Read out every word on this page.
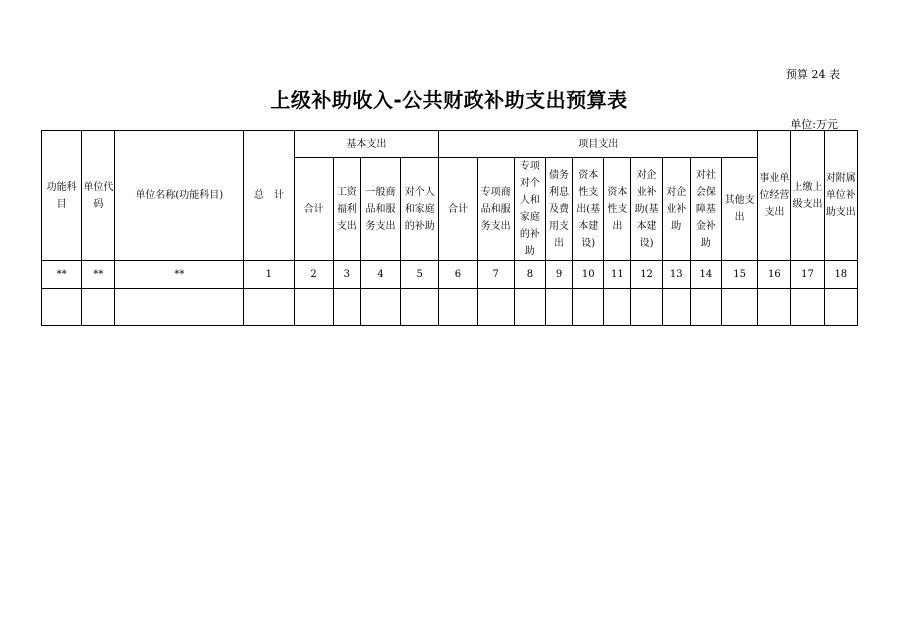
预算 24 表
上级补助收入-公共财政补助支出预算表
单位:万元
功能科目	单位代码	单位名称(功能科目)	总　计	基本支出				项目支出										事业单位经营支出	上缴上级支出	对附属单位补助支出
				合计	工资福利支出	一般商品和服务支出	对个人和家庭的补助	合计	专项商品和服务支出	专项对个人和家庭的补助	债务利息及费用支出	资本性支出(基本建设)	资本性支出	对企业补助(基本建设)	对企业补助	对社会保障基金补助	其他支出			
**	**	**	1	2	3	4	5	6	7	8	9	10	11	12	13	14	15	16	17	18
